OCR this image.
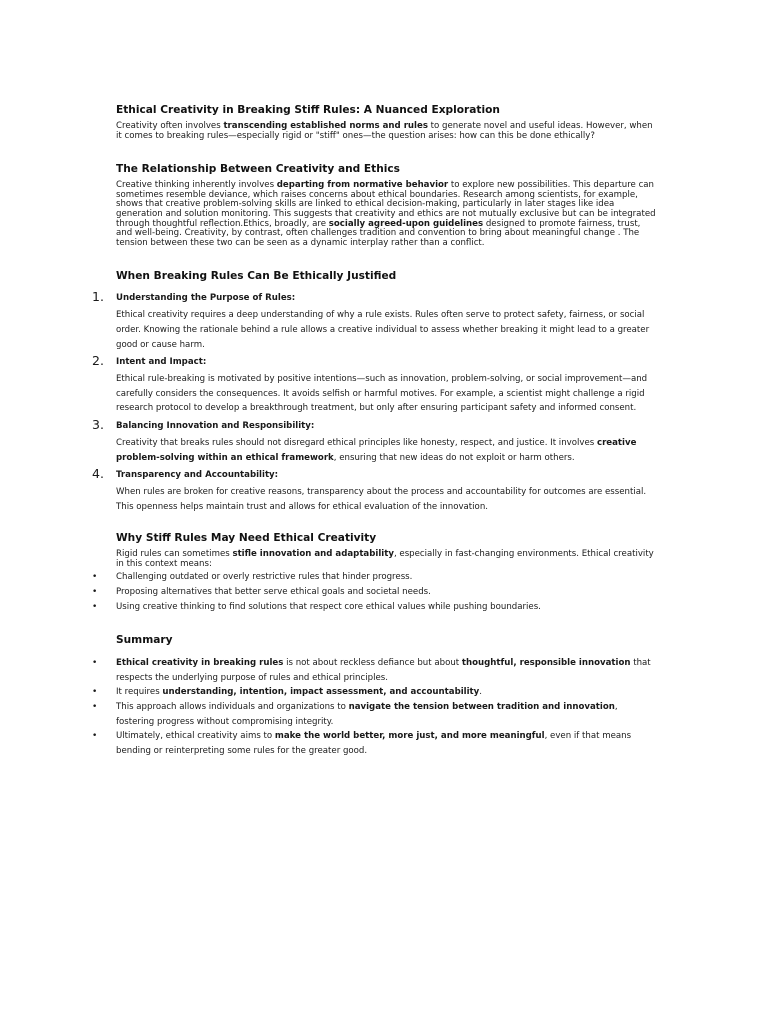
Ethical Creativity in Breaking Stiff Rules: A Nuanced Exploration

Creativity often involves transcending established norms and rules to generate novel and useful ideas. However, when it comes to breaking rules—especially rigid or "stiff" ones—the question arises: how can this be done ethically?

The Relationship Between Creativity and Ethics

Creative thinking inherently involves departing from normative behavior to explore new possibilities. This departure can sometimes resemble deviance, which raises concerns about ethical boundaries. Research among scientists, for example, shows that creative problem-solving skills are linked to ethical decision-making, particularly in later stages like idea generation and solution monitoring. This suggests that creativity and ethics are not mutually exclusive but can be integrated through thoughtful reflection.Ethics, broadly, are socially agreed-upon guidelines designed to promote fairness, trust, and well-being. Creativity, by contrast, often challenges tradition and convention to bring about meaningful change . The tension between these two can be seen as a dynamic interplay rather than a conflict.

When Breaking Rules Can Be Ethically Justified
1. Understanding the Purpose of Rules:

Ethical creativity requires a deep understanding of why a rule exists. Rules often serve to protect safety, fairness, or social order. Knowing the rationale behind a rule allows a creative individual to assess whether breaking it might lead to a greater good or cause harm.

2. Intent and Impact:

Ethical rule-breaking is motivated by positive intentions—such as innovation, problem-solving, or social improvement—and carefully considers the consequences. It avoids selfish or harmful motives. For example, a scientist might challenge a rigid research protocol to develop a breakthrough treatment, but only after ensuring participant safety and informed consent.

3. Balancing Innovation and Responsibility:

Creativity that breaks rules should not disregard ethical principles like honesty, respect, and justice. It involves creative problem-solving within an ethical framework, ensuring that new ideas do not exploit or harm others.

4. Transparency and Accountability:

When rules are broken for creative reasons, transparency about the process and accountability for outcomes are essential. This openness helps maintain trust and allows for ethical evaluation of the innovation.

Why Stiff Rules May Need Ethical Creativity

Rigid rules can sometimes stifle innovation and adaptability, especially in fast-changing environments. Ethical creativity in this context means:

• Challenging outdated or overly restrictive rules that hinder progress.
• Proposing alternatives that better serve ethical goals and societal needs.
• Using creative thinking to find solutions that respect core ethical values while pushing boundaries.
Summary
• Ethical creativity in breaking rules is not about reckless defiance but about thoughtful, responsible innovation that respects the underlying purpose of rules and ethical principles.
• It requires understanding, intention, impact assessment, and accountability.
• This approach allows individuals and organizations to navigate the tension between tradition and innovation, fostering progress without compromising integrity.
• Ultimately, ethical creativity aims to make the world better, more just, and more meaningful, even if that means bending or reinterpreting some rules for the greater good.
